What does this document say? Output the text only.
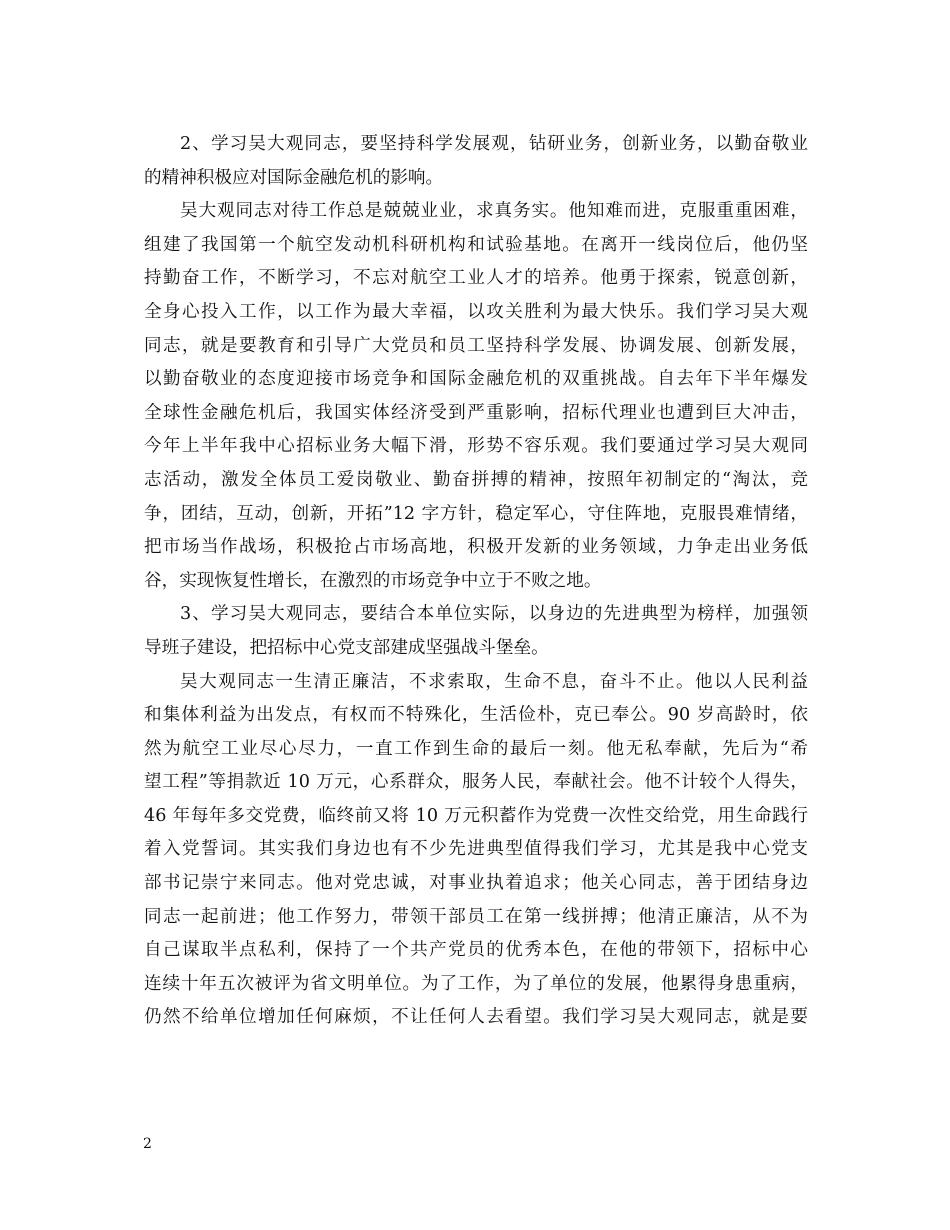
2、学习吴大观同志，要坚持科学发展观，钻研业务，创新业务，以勤奋敬业
的精神积极应对国际金融危机的影响。
吴大观同志对待工作总是兢兢业业，求真务实。他知难而进，克服重重困难，
组建了我国第一个航空发动机科研机构和试验基地。在离开一线岗位后，他仍坚
持勤奋工作，不断学习，不忘对航空工业人才的培养。他勇于探索，锐意创新，
全身心投入工作，以工作为最大幸福，以攻关胜利为最大快乐。我们学习吴大观
同志，就是要教育和引导广大党员和员工坚持科学发展、协调发展、创新发展，
以勤奋敬业的态度迎接市场竞争和国际金融危机的双重挑战。自去年下半年爆发
全球性金融危机后，我国实体经济受到严重影响，招标代理业也遭到巨大冲击，
今年上半年我中心招标业务大幅下滑，形势不容乐观。我们要通过学习吴大观同
志活动，激发全体员工爱岗敬业、勤奋拼搏的精神，按照年初制定的“淘汰，竞
争，团结，互动，创新，开拓”12 字方针，稳定军心，守住阵地，克服畏难情绪，
把市场当作战场，积极抢占市场高地，积极开发新的业务领域，力争走出业务低
谷，实现恢复性增长，在激烈的市场竞争中立于不败之地。
3、学习吴大观同志，要结合本单位实际，以身边的先进典型为榜样，加强领
导班子建设，把招标中心党支部建成坚强战斗堡垒。
吴大观同志一生清正廉洁，不求索取，生命不息，奋斗不止。他以人民利益
和集体利益为出发点，有权而不特殊化，生活俭朴，克已奉公。90 岁高龄时，依
然为航空工业尽心尽力，一直工作到生命的最后一刻。他无私奉献，先后为“希
望工程”等捐款近 10 万元，心系群众，服务人民，奉献社会。他不计较个人得失，
46 年每年多交党费，临终前又将 10 万元积蓄作为党费一次性交给党，用生命践行
着入党誓词。其实我们身边也有不少先进典型值得我们学习，尤其是我中心党支
部书记崇宁来同志。他对党忠诚，对事业执着追求；他关心同志，善于团结身边
同志一起前进；他工作努力，带领干部员工在第一线拼搏；他清正廉洁，从不为
自己谋取半点私利，保持了一个共产党员的优秀本色，在他的带领下，招标中心
连续十年五次被评为省文明单位。为了工作，为了单位的发展，他累得身患重病，
仍然不给单位增加任何麻烦，不让任何人去看望。我们学习吴大观同志，就是要
2
